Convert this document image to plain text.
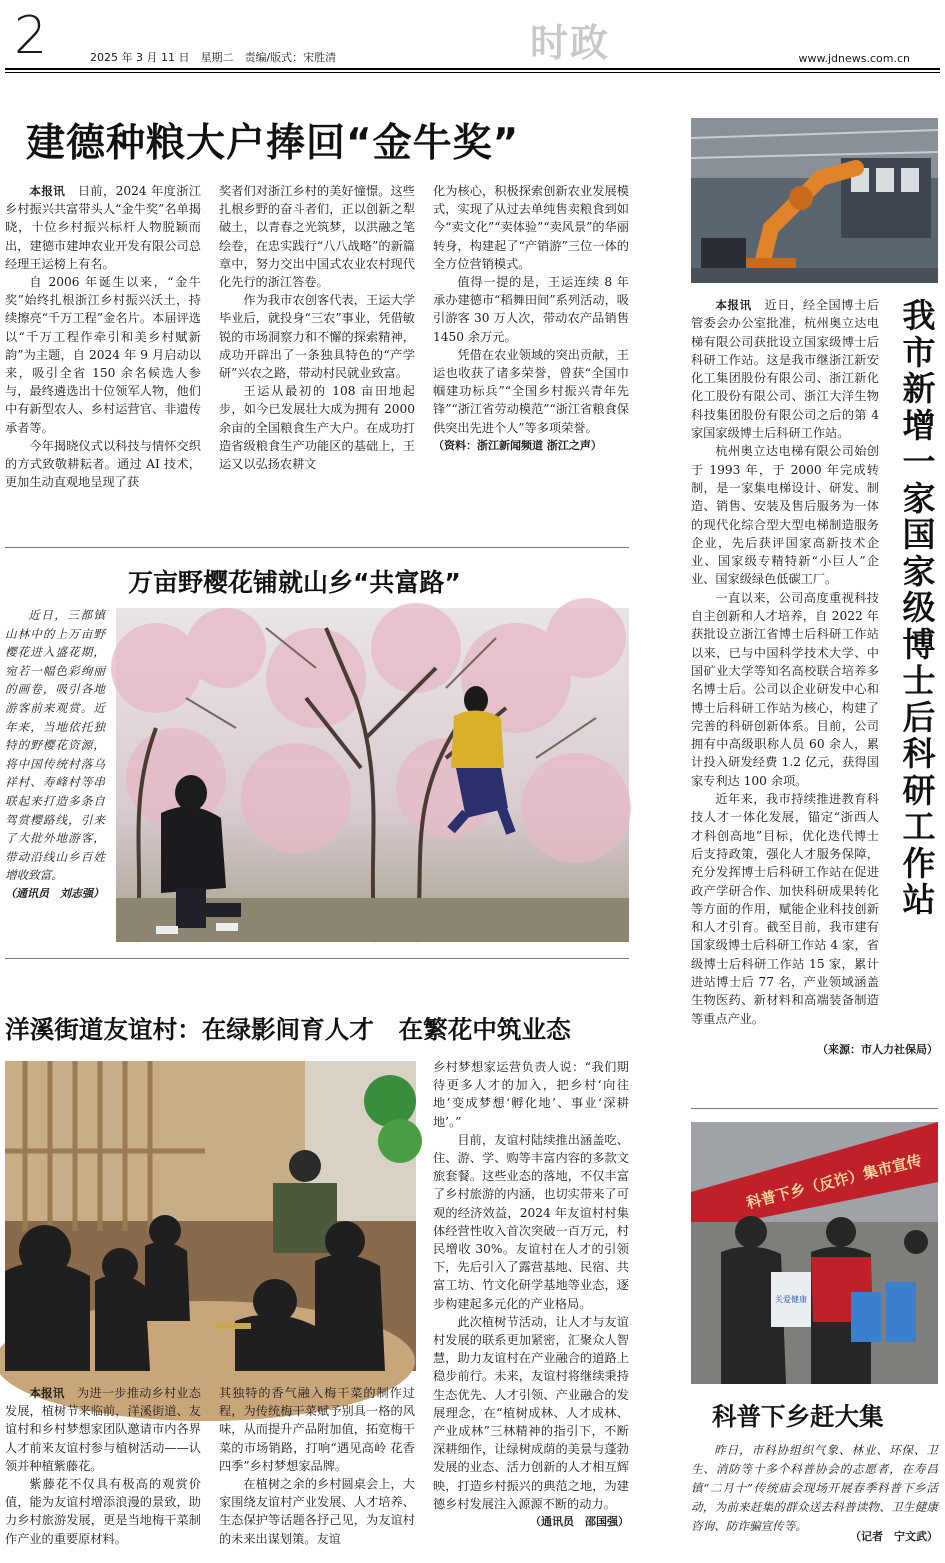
2	2025 年 3 月 11 日　星期二　责编/版式：宋胜清	时政	www.jdnews.com.cn
建德种粮大户捧回“金牛奖”

本报讯　 日前，2024 年度浙江乡村振兴共富带头人“金牛奖”名单揭晓，十位乡村振兴标杆人物脱颖而出，建德市建坤农业开发有限公司总经理王运榜上有名。

自 2006 年诞生以来，“金牛奖”始终扎根浙江乡村振兴沃土，持续擦亮“千万工程”金名片。本届评选以“千万工程作牵引和美乡村赋新韵”为主题，自 2024 年 9 月启动以来，吸引全省 150 余名候选人参与，最终遴选出十位领军人物，他们中有新型农人、乡村运营官、非遗传承者等。

今年揭晓仪式以科技与情怀交织的方式致敬耕耘者。通过 AI 技术，更加生动直观地呈现了获

奖者们对浙江乡村的美好憧憬。这些扎根乡野的奋斗者们，正以创新之犁破土，以青春之光筑梦，以洪融之笔绘卷，在忠实践行“八八战略”的新篇章中，努力交出中国式农业农村现代化先行的浙江答卷。

作为我市农创客代表，王运大学毕业后，就投身“三农”事业，凭借敏锐的市场洞察力和不懈的探索精神，成功开辟出了一条独具特色的“产学研”兴农之路，带动村民就业致富。

王运从最初的 108 亩田地起步，如今已发展壮大成为拥有 2000 余亩的全国粮食生产大户。在成功打造省级粮食生产功能区的基础上，王运又以弘扬农耕文

化为核心，积极探索创新农业发展模式，实现了从过去单纯售卖粮食到如今“卖文化”“卖体验”“卖风景”的华丽转身，构建起了“产销游”三位一体的全方位营销模式。

值得一提的是，王运连续 8 年承办建德市“稻舞田间”系列活动，吸引游客 30 万人次，带动农产品销售 1450 余万元。

凭借在农业领域的突出贡献，王运也收获了诸多荣誉，曾获“全国巾帼建功标兵”“全国乡村振兴青年先锋”“浙江省劳动模范”“浙江省粮食保供突出先进个人”等多项荣誉。

（资料：浙江新闻频道 浙江之声）

万亩野樱花铺就山乡“共富路”

近日，三都镇山林中的上万亩野樱花进入盛花期，宛若一幅色彩绚丽的画卷，吸引各地游客前来观赏。近年来，当地依托独特的野樱花资源，将中国传统村落乌祥村、寿峰村等串联起来打造多条自驾赏樱路线，引来了大批外地游客，带动沿线山乡百姓增收致富。

（通讯员　刘志强）

洋溪街道友谊村：在绿影间育人才　在繁花中筑业态

本报讯　 为进一步推动乡村业态发展，植树节来临前，洋溪街道、友谊村和乡村梦想家团队邀请市内各界人才前来友谊村参与植树活动——认领并种植紫藤花。

紫藤花不仅具有极高的观赏价值，能为友谊村增添浪漫的景致，助力乡村旅游发展，更是当地梅干菜制作产业的重要原材料。

其独特的香气融入梅干菜的制作过程，为传统梅干菜赋予别具一格的风味，从而提升产品附加值，拓宽梅干菜的市场销路，打响“遇见高岭 花香四季”乡村梦想家品牌。

在植树之余的乡村圆桌会上，大家围绕友谊村产业发展、人才培养、生态保护等话题各抒己见，为友谊村的未来出谋划策。友谊

乡村梦想家运营负责人说：“我们期待更多人才的加入，把乡村‘向往地’变成梦想‘孵化地’、事业‘深耕地’。”

目前，友谊村陆续推出涵盖吃、住、游、学、购等丰富内容的多款文旅套餐。这些业态的落地，不仅丰富了乡村旅游的内涵，也切实带来了可观的经济效益，2024 年友谊村村集体经营性收入首次突破一百万元，村民增收 30%。友谊村在人才的引领下，先后引入了露营基地、民宿、共富工坊、竹文化研学基地等业态，逐步构建起多元化的产业格局。

此次植树节活动，让人才与友谊村发展的联系更加紧密，汇聚众人智慧，助力友谊村在产业融合的道路上稳步前行。未来，友谊村将继续秉持生态优先、人才引领、产业融合的发展理念，在“植树成林、人才成林、产业成林”三林精神的指引下，不断深耕细作，让绿树成荫的美景与蓬勃发展的业态、活力创新的人才相互辉映，打造乡村振兴的典范之地，为建德乡村发展注入源源不断的动力。

（通讯员　邵国强）

我市新增一家国家级博士后科研工作站

本报讯　 近日，经全国博士后管委会办公室批准，杭州奥立达电梯有限公司获批设立国家级博士后科研工作站。这是我市继浙江新安化工集团股份有限公司、浙江新化化工股份有限公司、浙江大洋生物科技集团股份有限公司之后的第 4 家国家级博士后科研工作站。

杭州奥立达电梯有限公司始创于 1993 年，于 2000 年完成转制，是一家集电梯设计、研发、制造、销售、安装及售后服务为一体的现代化综合型大型电梯制造服务企业，先后获评国家高新技术企业、国家级专精特新“小巨人”企业、国家级绿色低碳工厂。

一直以来，公司高度重视科技自主创新和人才培养，自 2022 年获批设立浙江省博士后科研工作站以来，已与中国科学技术大学、中国矿业大学等知名高校联合培养多名博士后。公司以企业研发中心和博士后科研工作站为核心，构建了完善的科研创新体系。目前，公司拥有中高级职称人员 60 余人，累计投入研发经费 1.2 亿元，获得国家专利达 100 余项。

近年来，我市持续推进教育科技人才一体化发展，锚定“浙西人才科创高地”目标，优化迭代博士后支持政策，强化人才服务保障，充分发挥博士后科研工作站在促进政产学研合作、加快科研成果转化等方面的作用，赋能企业科技创新和人才引育。截至目前，我市建有国家级博士后科研工作站 4 家，省级博士后科研工作站 15 家，累计进站博士后 77 名，产业领域涵盖生物医药、新材料和高端装备制造等重点产业。

（来源：市人力社保局）
科普下乡（反诈）集市宣传
关爱健康
科普下乡赶大集

昨日，市科协组织气象、林业、环保、卫生、消防等十多个科普协会的志愿者，在寿昌镇“二月十”传统庙会现场开展春季科普下乡活动，为前来赶集的群众送去科普读物、卫生健康咨询、防诈骗宣传等。

（记者　宁文武）
